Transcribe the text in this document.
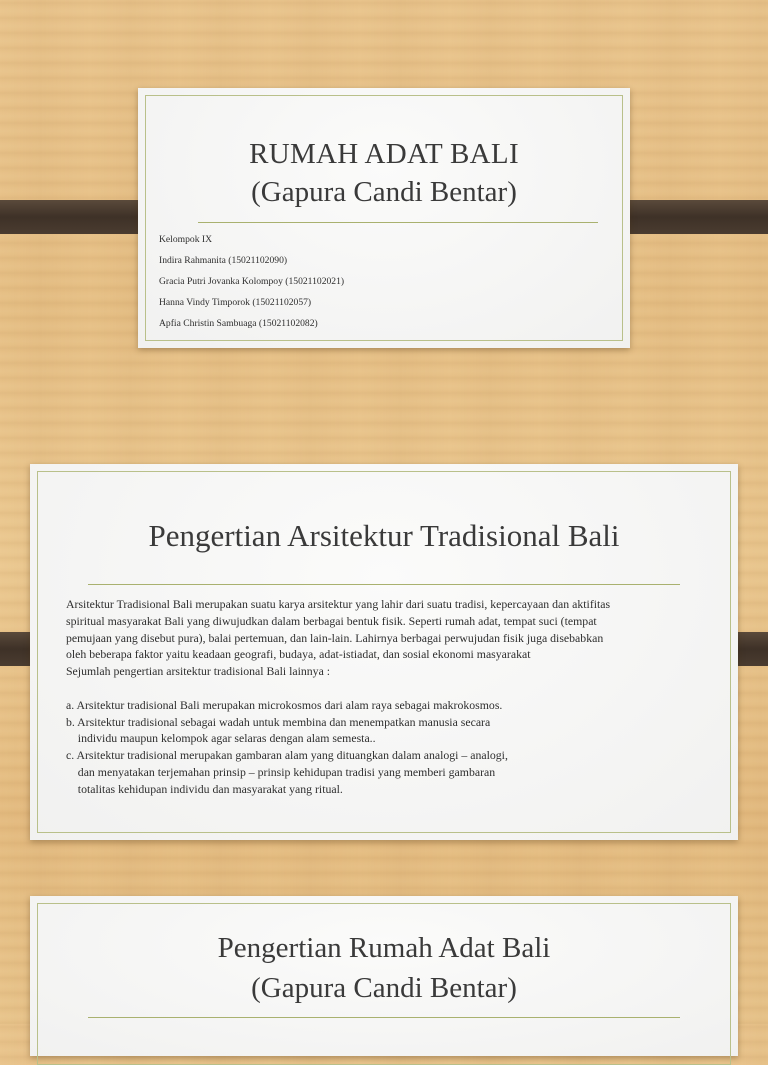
RUMAH ADAT BALI
(Gapura Candi Bentar)
Kelompok IX
Indira Rahmanita (15021102090)
Gracia Putri Jovanka Kolompoy (15021102021)
Hanna Vindy Timporok (15021102057)
Apfia Christin Sambuaga (15021102082)
Pengertian Arsitektur Tradisional Bali
Arsitektur Tradisional Bali merupakan suatu karya arsitektur yang lahir dari suatu tradisi, kepercayaan dan aktifitas
spiritual masyarakat Bali yang diwujudkan dalam berbagai bentuk fisik. Seperti rumah adat, tempat suci (tempat
pemujaan yang disebut pura), balai pertemuan, dan lain-lain. Lahirnya berbagai perwujudan fisik juga disebabkan
oleh beberapa faktor yaitu keadaan geografi, budaya, adat-istiadat, dan sosial ekonomi masyarakat
Sejumlah pengertian arsitektur tradisional Bali lainnya :
a. Arsitektur tradisional Bali merupakan microkosmos dari alam raya sebagai makrokosmos.
b. Arsitektur tradisional sebagai wadah untuk membina dan menempatkan manusia secara
individu maupun kelompok agar selaras dengan alam semesta..
c. Arsitektur tradisional merupakan gambaran alam yang dituangkan dalam analogi – analogi,
dan menyatakan terjemahan prinsip – prinsip kehidupan tradisi yang memberi gambaran
totalitas kehidupan individu dan masyarakat yang ritual.
Pengertian Rumah Adat Bali
(Gapura Candi Bentar)
